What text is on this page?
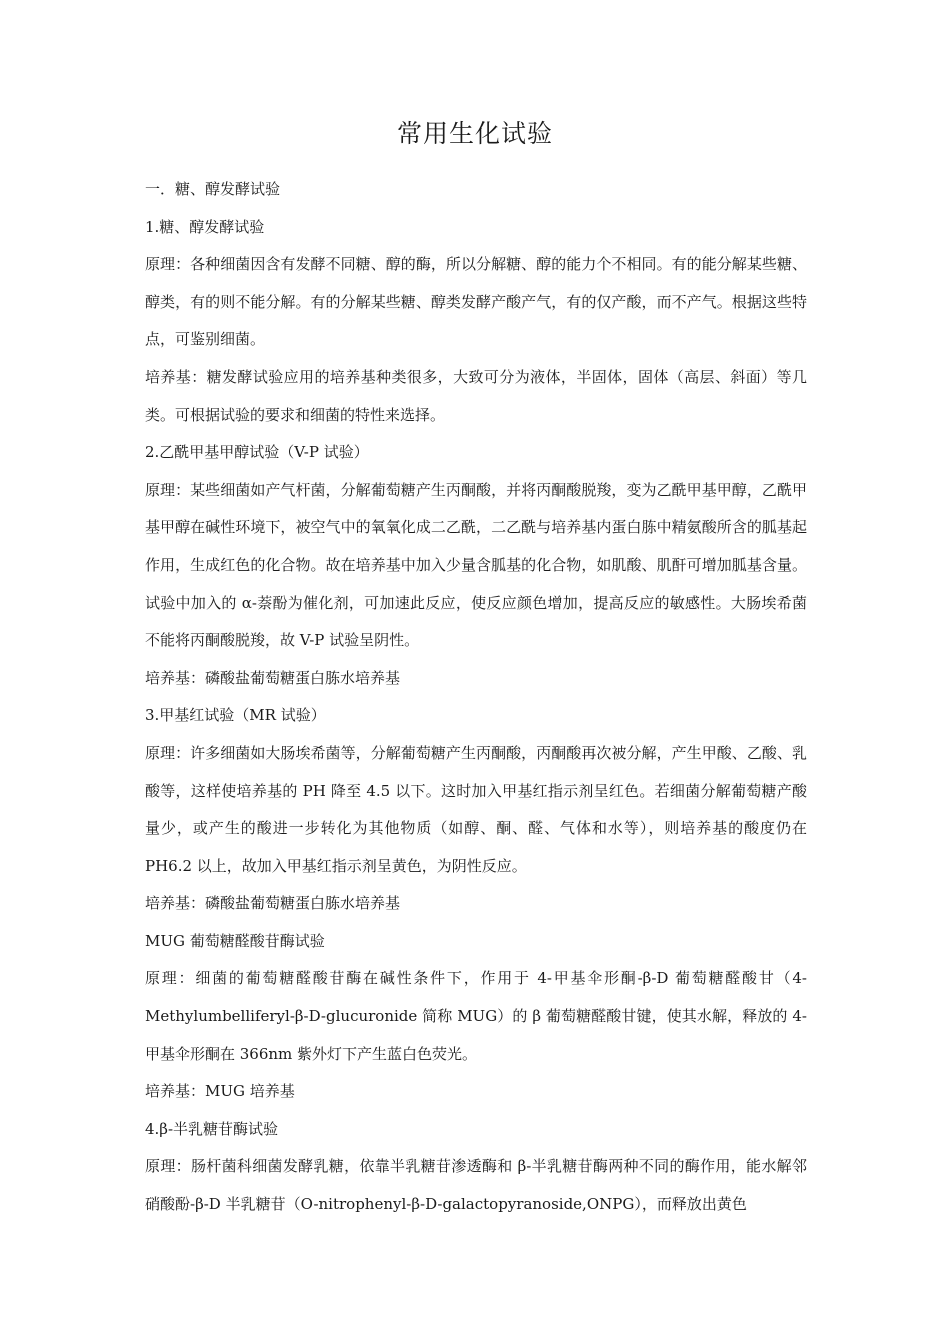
常用生化试验

一．糖、醇发酵试验

1.糖、醇发酵试验

原理：各种细菌因含有发酵不同糖、醇的酶，所以分解糖、醇的能力个不相同。有的能分解某些糖、醇类，有的则不能分解。有的分解某些糖、醇类发酵产酸产气，有的仅产酸，而不产气。根据这些特点，可鉴别细菌。

培养基：糖发酵试验应用的培养基种类很多，大致可分为液体，半固体，固体（高层、斜面）等几类。可根据试验的要求和细菌的特性来选择。

2.乙酰甲基甲醇试验（V-P 试验）

原理：某些细菌如产气杆菌，分解葡萄糖产生丙酮酸，并将丙酮酸脱羧，变为乙酰甲基甲醇，乙酰甲基甲醇在碱性环境下，被空气中的氧氧化成二乙酰，二乙酰与培养基内蛋白胨中精氨酸所含的胍基起作用，生成红色的化合物。故在培养基中加入少量含胍基的化合物，如肌酸、肌酐可增加胍基含量。试验中加入的 α-萘酚为催化剂，可加速此反应，使反应颜色增加，提高反应的敏感性。大肠埃希菌不能将丙酮酸脱羧，故 V-P 试验呈阴性。

培养基：磷酸盐葡萄糖蛋白胨水培养基

3.甲基红试验（MR 试验）

原理：许多细菌如大肠埃希菌等，分解葡萄糖产生丙酮酸，丙酮酸再次被分解，产生甲酸、乙酸、乳酸等，这样使培养基的 PH 降至 4.5 以下。这时加入甲基红指示剂呈红色。若细菌分解葡萄糖产酸量少，或产生的酸进一步转化为其他物质（如醇、酮、醛、气体和水等），则培养基的酸度仍在 PH6.2 以上，故加入甲基红指示剂呈黄色，为阴性反应。

培养基：磷酸盐葡萄糖蛋白胨水培养基

MUG 葡萄糖醛酸苷酶试验

原理：细菌的葡萄糖醛酸苷酶在碱性条件下，作用于 4-甲基伞形酮-β-D 葡萄糖醛酸甘（4-Methylumbelliferyl-β-D-glucuronide 简称 MUG）的 β 葡萄糖醛酸甘键，使其水解，释放的 4-甲基伞形酮在 366nm 紫外灯下产生蓝白色荧光。

培养基：MUG 培养基

4.β-半乳糖苷酶试验

原理：肠杆菌科细菌发酵乳糖，依靠半乳糖苷渗透酶和 β-半乳糖苷酶两种不同的酶作用，能水解邻硝酸酚-β-D 半乳糖苷（O-nitrophenyl-β-D-galactopyranoside,ONPG），而释放出黄色
